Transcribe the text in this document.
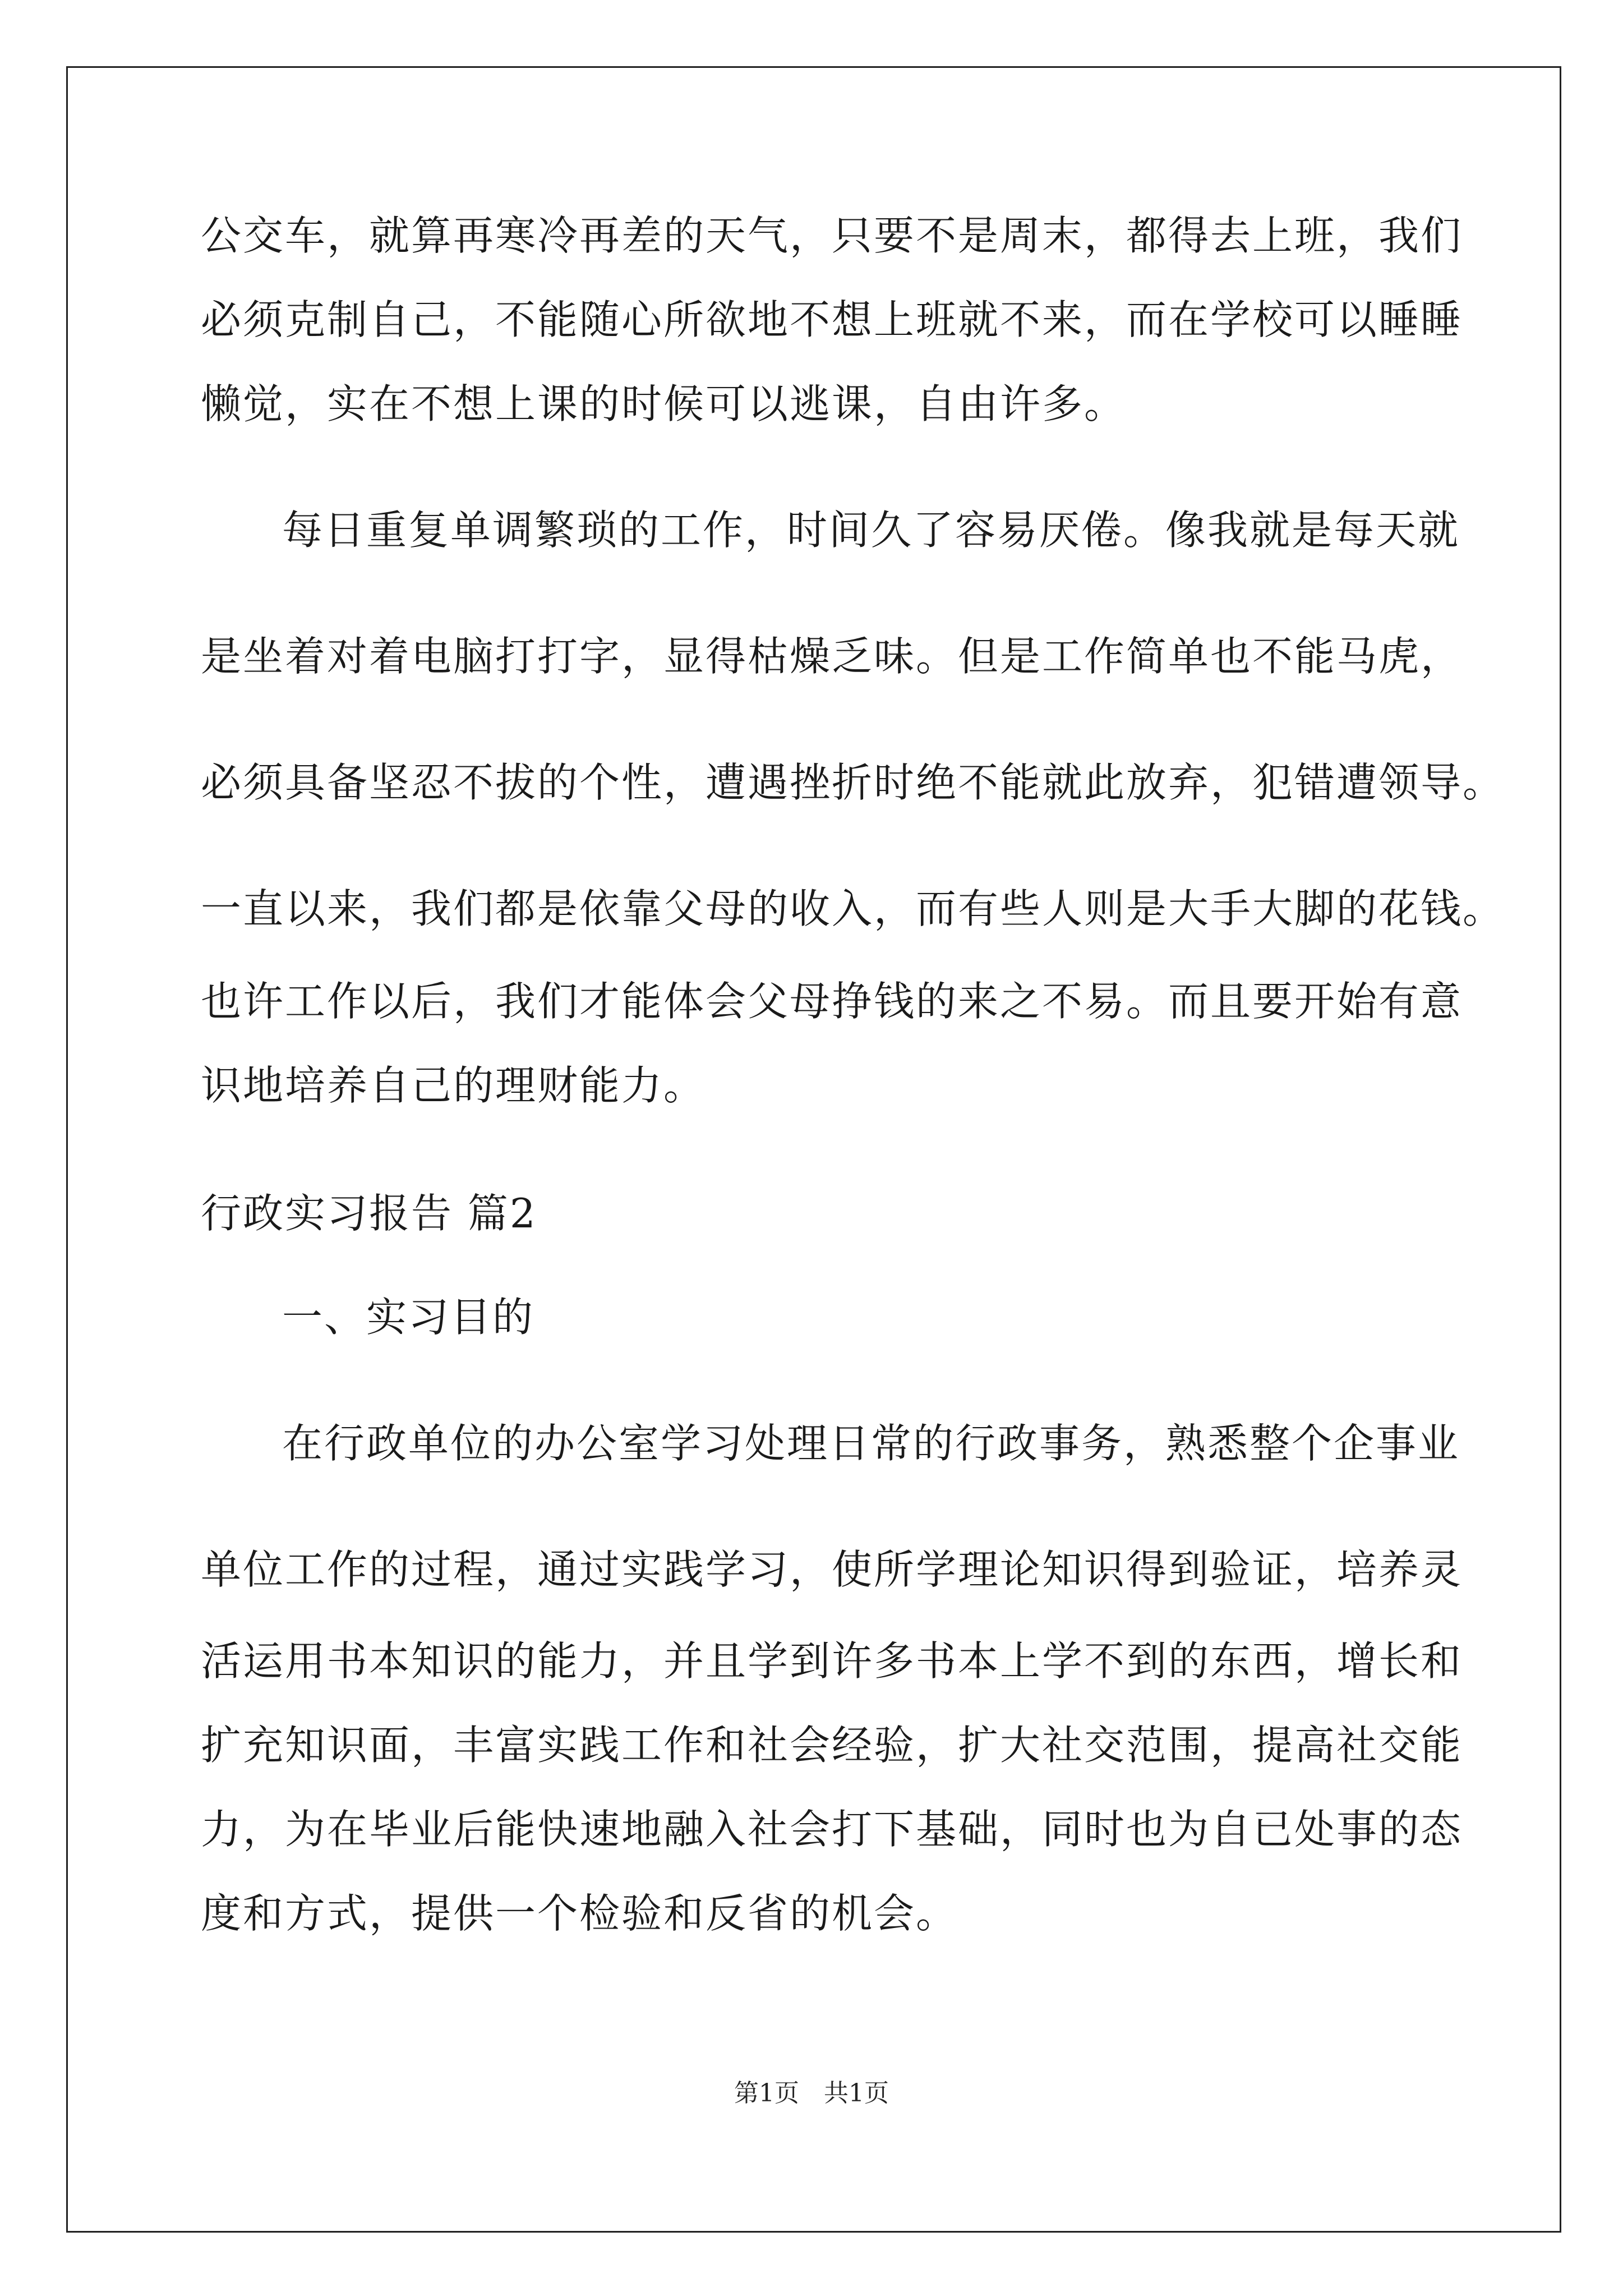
公交车，就算再寒冷再差的天气，只要不是周末，都得去上班，我们
必须克制自己，不能随心所欲地不想上班就不来，而在学校可以睡睡
懒觉，实在不想上课的时候可以逃课，自由许多。
每日重复单调繁琐的工作，时间久了容易厌倦。像我就是每天就
是坐着对着电脑打打字，显得枯燥乏味。但是工作简单也不能马虎，
必须具备坚忍不拔的个性，遭遇挫折时绝不能就此放弃，犯错遭领导。
一直以来，我们都是依靠父母的收入，而有些人则是大手大脚的花钱。
也许工作以后，我们才能体会父母挣钱的来之不易。而且要开始有意
识地培养自己的理财能力。
行政实习报告 篇2
一、实习目的
在行政单位的办公室学习处理日常的行政事务，熟悉整个企事业
单位工作的过程，通过实践学习，使所学理论知识得到验证，培养灵
活运用书本知识的能力，并且学到许多书本上学不到的东西，增长和
扩充知识面，丰富实践工作和社会经验，扩大社交范围，提高社交能
力，为在毕业后能快速地融入社会打下基础，同时也为自已处事的态
度和方式，提供一个检验和反省的机会。
第1页　共1页
